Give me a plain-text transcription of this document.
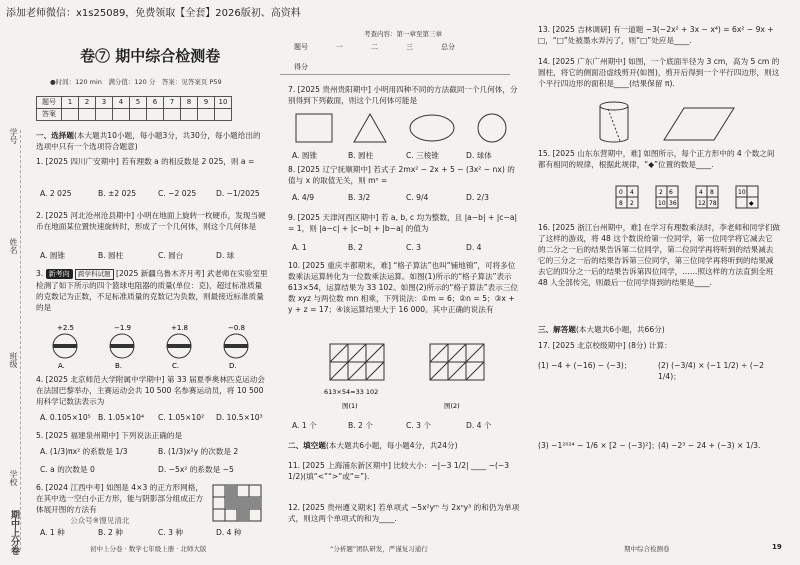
添加老师微信：x1s25089，免费领取【全套】2026版初、高资料
学号
姓名
班级
学校
期中上分卷
卷⑦ 期中综合检测卷
●时间：120 min　满分值：120 分　答案：见答案页 P59
题号	1	2	3	4	5	6	7	8	9	10
答案										
一、选择题(本大题共10小题，每小题3分，共30分，每小题给出的选项中只有一个选项符合题意)
1. [2025 四川广安期中] 若有理数 a 的相反数是 2 025，则 a =
A. 2 025	B. ±2 025	C. −2 025	D. −1/2025
2. [2025 河北沧州沧县期中] 小明在地面上旋转一枚硬币，发现当硬币在地面某位置快速旋转时，形成了一个几何体，则这个几何体是
A. 圆锥	B. 圆柱	C. 圆台	D. 球
3. 新考向 跨学科试题 [2025 新疆乌鲁木齐月考] 武老师在实验室里检测了如下所示的四个篮球电阻器的质量(单位：克)，超过标准质量的克数记为正数，不足标准质量的克数记为负数，则最接近标准质量的是
+2.5	−1.9	+1.8	−0.8
A.	B.	C.	D.
4. [2025 北京师范大学附属中学期中] 第 33 届夏季奥林匹克运动会在法国巴黎举办，主赛运动会共 10 500 名参赛运动员，将 10 500 用科学记数法表示为
A. 0.105×10⁵ B. 1.05×10⁴ C. 1.05×10² D. 10.5×10³
5. [2025 福建泉州期中] 下列说法正确的是
A. (1/3)πx² 的系数是 1/3	B. (1/3)x²y 的次数是 2
C. a 的次数是 0	D. −5x² 的系数是 −5
6. [2024 江西中考] 如图是 4×3 的正方形网格，在其中选一空白小正方形，能与阴影部分组成正方体展开图的方法有
公众号※馒见清北
A. 1 种	B. 2 种	C. 3 种	D. 4 种
初中上分卷 · 数学七年级上册 · 北师大版
考查内容：第一章至第三章
题号	一	二	三	总分
得分				
7. [2025 贵州贵阳期中] 小明用四种不同的方法截同一个几何体，分别得到下列截面，则这个几何体可能是
A. 圆锥	B. 圆柱	C. 三棱锥	D. 球体
8. [2025 辽宁抚顺期中] 若式子 2mx² − 2x + 5 − (3x² − nx) 的值与 x 的取值无关，则 mⁿ =
A. 4/9	B. 3/2	C. 9/4	D. 2/3
9. [2025 天津河西区期中] 若 a, b, c 均为整数，且 |a−b| + |c−a| = 1，则 |a−c| + |c−b| + |b−a| 的值为
A. 1	B. 2	C. 3	D. 4
10. [2025 重庆丰都期末，难] “格子算法”也叫“铺地锦”，可将多位数乘法运算转化为一位数乘法运算。如图(1)所示的“格子算法”表示 613×54，运算结果为 33 102。如图(2)所示的“格子算法”表示三位数 xyz 与两位数 mn 相乘，下列说法：①m = 6；②n = 5；③x + y + z = 17；④该运算结果大于 16 000。其中正确的说法有
613×54=33 102
图(1)	图(2)
A. 1 个	B. 2 个	C. 3 个	D. 4 个
二、填空题(本大题共6小题，每小题4分，共24分)
11. [2025 上海浦东新区期中] 比较大小：−|−3 1/2| ____ −(−3 1/2)(填“<”“>”或“=”).
12. [2025 贵州遵义期末] 若单项式 −5x²yᵐ 与 2xⁿy³ 的和仍为单项式，则这两个单项式的和为____.
“分析题”团队研发，严谨复习通行
13. [2025 吉林调研] 有一道题 −3(−2x² + 3x − x⁴) = 6x² − 9x + □，“□”处被墨水弄污了，则“□”处应是____.
14. [2025 广东广州期中] 如图，一个底面半径为 3 cm，高为 5 cm 的圆柱，将它的侧面沿虚线剪开(如图)，剪开后得到一个平行四边形，则这个平行四边形的面积是____(结果保留 π).
15. [2025 山东东营期中，难] 如图所示，每个正方形中的 4 个数之间都有相同的规律，根据此规律，“◆”位置的数是____.
0 4
8 2
2 6
10 36
4 8
12 78
10
◆
16. [2025 浙江台州期中，难] 在学习有理数乘法时，李老师和同学们做了这样的游戏，将 48 这个数说给第一位同学，第一位同学将它减去它的二分之一后的结果告诉第二位同学，第二位同学再将听到的结果减去它的三分之一后的结果告诉第三位同学，第三位同学再将听到的结果减去它的四分之一后的结果告诉第四位同学，……照这样的方法直到全班 48 人全部传完，则最后一位同学得到的结果是____.
三、解答题(本大题共6小题，共66分)
17. [2025 北京校级期中] (8分) 计算：
(1) −4 + (−16) − (−3)；	(2) (−3/4) × (−1 1/2) ÷ (−2 1/4)；
(3) −1²⁰²⁴ − 1/6 × [2 − (−3)²]； (4) −2³ − 24 + (−3) × 1/3.
期中综合检测卷	19
